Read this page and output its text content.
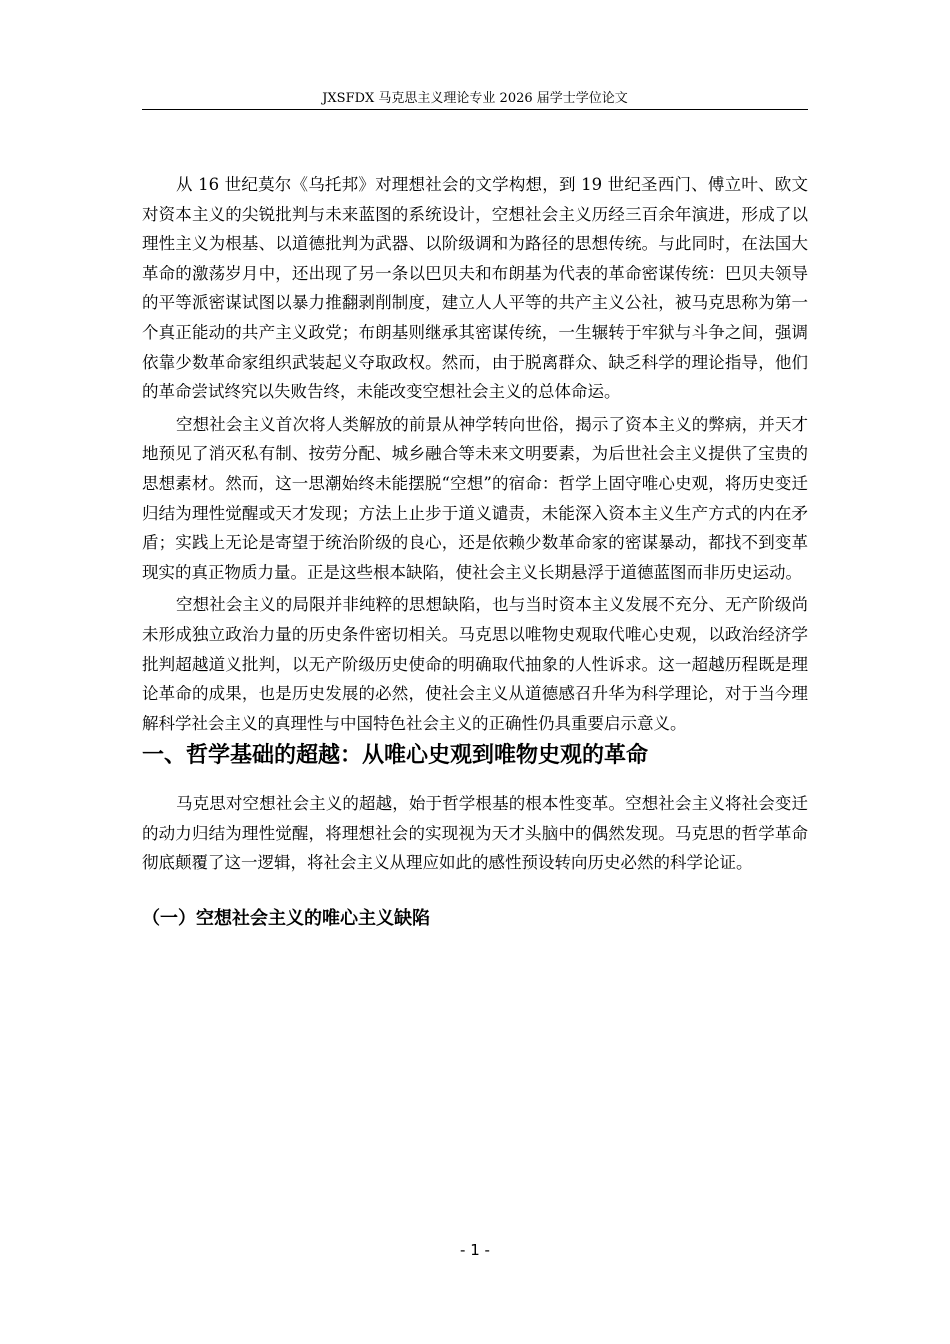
JXSFDX 马克思主义理论专业 2026 届学士学位论文

从 16 世纪莫尔《乌托邦》对理想社会的文学构想，到 19 世纪圣西门、傅立叶、欧文对资本主义的尖锐批判与未来蓝图的系统设计，空想社会主义历经三百余年演进，形成了以理性主义为根基、以道德批判为武器、以阶级调和为路径的思想传统。与此同时，在法国大革命的激荡岁月中，还出现了另一条以巴贝夫和布朗基为代表的革命密谋传统：巴贝夫领导的平等派密谋试图以暴力推翻剥削制度，建立人人平等的共产主义公社，被马克思称为第一个真正能动的共产主义政党；布朗基则继承其密谋传统，一生辗转于牢狱与斗争之间，强调依靠少数革命家组织武装起义夺取政权。然而，由于脱离群众、缺乏科学的理论指导，他们的革命尝试终究以失败告终，未能改变空想社会主义的总体命运。

空想社会主义首次将人类解放的前景从神学转向世俗，揭示了资本主义的弊病，并天才地预见了消灭私有制、按劳分配、城乡融合等未来文明要素，为后世社会主义提供了宝贵的思想素材。然而，这一思潮始终未能摆脱“空想”的宿命：哲学上固守唯心史观，将历史变迁归结为理性觉醒或天才发现；方法上止步于道义谴责，未能深入资本主义生产方式的内在矛盾；实践上无论是寄望于统治阶级的良心，还是依赖少数革命家的密谋暴动，都找不到变革现实的真正物质力量。正是这些根本缺陷，使社会主义长期悬浮于道德蓝图而非历史运动。

空想社会主义的局限并非纯粹的思想缺陷，也与当时资本主义发展不充分、无产阶级尚未形成独立政治力量的历史条件密切相关。马克思以唯物史观取代唯心史观，以政治经济学批判超越道义批判，以无产阶级历史使命的明确取代抽象的人性诉求。这一超越历程既是理论革命的成果，也是历史发展的必然，使社会主义从道德感召升华为科学理论，对于当今理解科学社会主义的真理性与中国特色社会主义的正确性仍具重要启示意义。

一、哲学基础的超越：从唯心史观到唯物史观的革命

马克思对空想社会主义的超越，始于哲学根基的根本性变革。空想社会主义将社会变迁的动力归结为理性觉醒，将理想社会的实现视为天才头脑中的偶然发现。马克思的哲学革命彻底颠覆了这一逻辑，将社会主义从理应如此的感性预设转向历史必然的科学论证。

（一）空想社会主义的唯心主义缺陷
- 1 -
